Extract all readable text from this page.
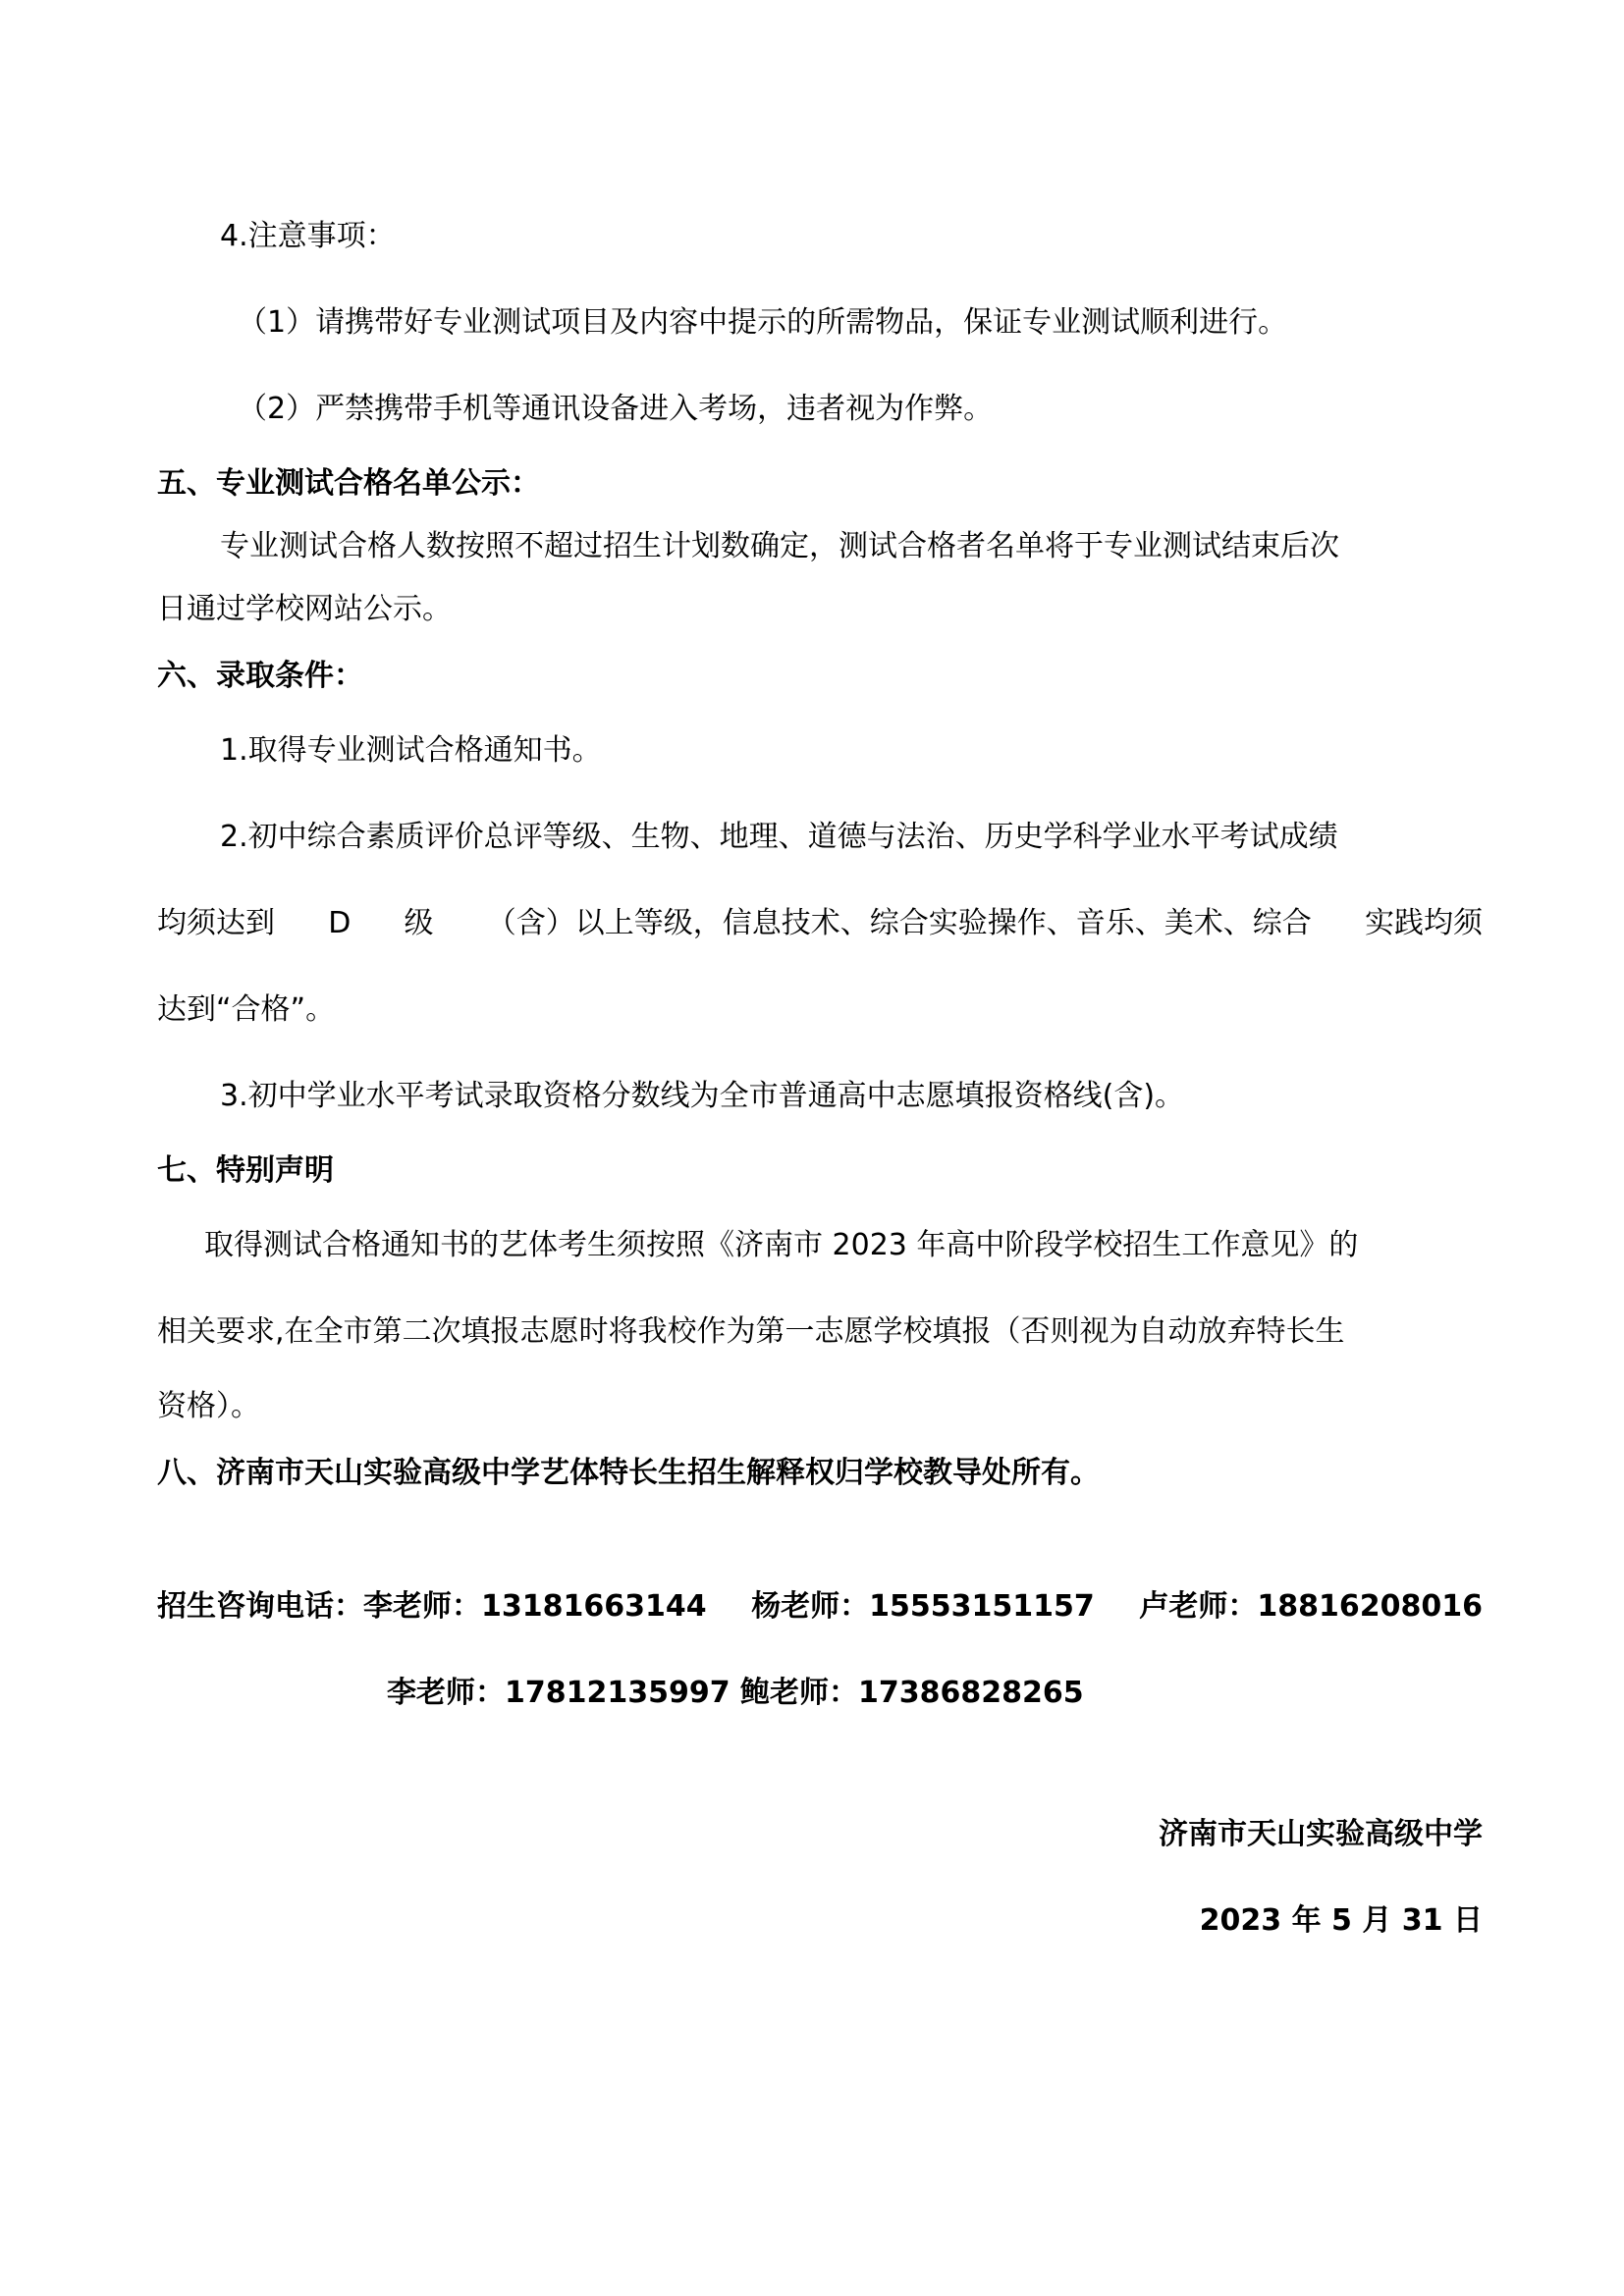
4.注意事项：
（1）请携带好专业测试项目及内容中提示的所需物品，保证专业测试顺利进行。
（2）严禁携带手机等通讯设备进入考场，违者视为作弊。
五、专业测试合格名单公示：
专业测试合格人数按照不超过招生计划数确定，测试合格者名单将于专业测试结束后次
日通过学校网站公示。
六、录取条件：
1.取得专业测试合格通知书。
2.初中综合素质评价总评等级、生物、地理、道德与法治、历史学科学业水平考试成绩
均须达到 D 级 （含）以上等级，信息技术、综合实验操作、音乐、美术、综合 实践均须
达到“合格”。
3.初中学业水平考试录取资格分数线为全市普通高中志愿填报资格线(含)。
七、特别声明
取得测试合格通知书的艺体考生须按照《济南市 2023 年高中阶段学校招生工作意见》的
相关要求,在全市第二次填报志愿时将我校作为第一志愿学校填报（否则视为自动放弃特长生
资格）。
八、济南市天山实验高级中学艺体特长生招生解释权归学校教导处所有。
招生咨询电话：李老师：13181663144 杨老师：15553151157 卢老师：18816208016
李老师：17812135997 鲍老师：17386828265
济南市天山实验高级中学
2023 年 5 月 31 日
